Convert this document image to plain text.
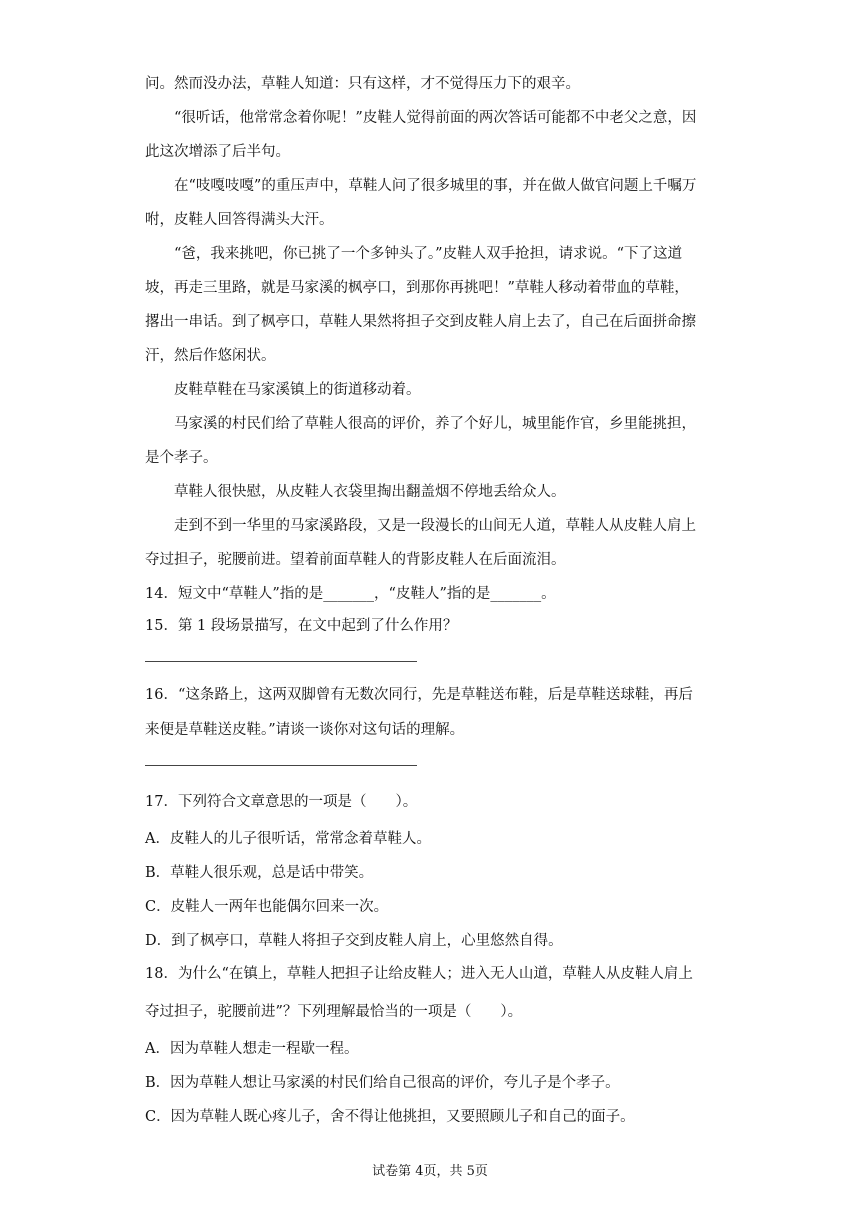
问。然而没办法，草鞋人知道：只有这样，才不觉得压力下的艰辛。
“很听话，他常常念着你呢！”皮鞋人觉得前面的两次答话可能都不中老父之意，因
此这次增添了后半句。
在“吱嘎吱嘎”的重压声中，草鞋人问了很多城里的事，并在做人做官问题上千嘱万
咐，皮鞋人回答得满头大汗。
“爸，我来挑吧，你已挑了一个多钟头了。”皮鞋人双手抢担，请求说。“下了这道
坡，再走三里路，就是马家溪的枫亭口，到那你再挑吧！”草鞋人移动着带血的草鞋，
撂出一串话。到了枫亭口，草鞋人果然将担子交到皮鞋人肩上去了，自己在后面拼命擦
汗，然后作悠闲状。
皮鞋草鞋在马家溪镇上的街道移动着。
马家溪的村民们给了草鞋人很高的评价，养了个好儿，城里能作官，乡里能挑担，
是个孝子。
草鞋人很快慰，从皮鞋人衣袋里掏出翻盖烟不停地丢给众人。
走到不到一华里的马家溪路段，又是一段漫长的山间无人道，草鞋人从皮鞋人肩上
夺过担子，驼腰前进。望着前面草鞋人的背影皮鞋人在后面流泪。
14．短文中“草鞋人”指的是_______，“皮鞋人”指的是_______。
15．第 1 段场景描写，在文中起到了什么作用？
16．“这条路上，这两双脚曾有无数次同行，先是草鞋送布鞋，后是草鞋送球鞋，再后
来便是草鞋送皮鞋。”请谈一谈你对这句话的理解。
17．下列符合文章意思的一项是（　　）。
A．皮鞋人的儿子很听话，常常念着草鞋人。
B．草鞋人很乐观，总是话中带笑。
C．皮鞋人一两年也能偶尔回来一次。
D．到了枫亭口，草鞋人将担子交到皮鞋人肩上，心里悠然自得。
18．为什么“在镇上，草鞋人把担子让给皮鞋人；进入无人山道，草鞋人从皮鞋人肩上
夺过担子，驼腰前进”？下列理解最恰当的一项是（　　）。
A．因为草鞋人想走一程歇一程。
B．因为草鞋人想让马家溪的村民们给自己很高的评价，夸儿子是个孝子。
C．因为草鞋人既心疼儿子，舍不得让他挑担，又要照顾儿子和自己的面子。
试卷第 4页，共 5页
